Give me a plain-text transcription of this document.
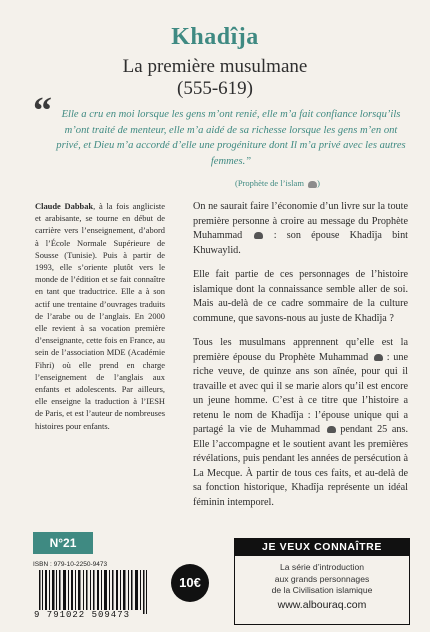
Khadîja
La première musulmane
(555-619)
“ Elle a cru en moi lorsque les gens m’ont renié, elle m’a fait confiance lorsqu’ils m’ont traité de menteur, elle m’a aidé de sa richesse lorsque les gens m’en ont privé, et Dieu m’a accordé d’elle une progéniture dont Il m’a privé avec les autres femmes.”
(Prophète de l’islam )
Claude Dabbak, à la fois angliciste et arabisante, se tourne en début de carrière vers l’enseignement, d’abord à l’École Normale Supérieure de Sousse (Tunisie). Puis à partir de 1993, elle s’oriente plutôt vers le monde de l’édition et se fait connaître en tant que traductrice. Elle a à son actif une trentaine d’ouvrages traduits de l’arabe ou de l’anglais. En 2000 elle revient à sa vocation première d’enseignante, cette fois en France, au sein de l’association MDE (Académie Fihri) où elle prend en charge l’enseignement de l’anglais aux enfants et adolescents. Par ailleurs, elle enseigne la traduction à l’IESH de Paris, et est l’auteur de nombreuses histoires pour enfants.

On ne saurait faire l’économie d’un livre sur la toute première personne à croire au message du Prophète Muhammad  : son épouse Khadîja bint Khuwaylid.

Elle fait partie de ces personnages de l’histoire islamique dont la connaissance semble aller de soi. Mais au-delà de ce cadre sommaire de la culture commune, que savons-nous au juste de Khadîja ?

Tous les musulmans apprennent qu’elle est la première épouse du Prophète Muhammad  : une riche veuve, de quinze ans son aînée, pour qui il travaille et avec qui il se marie alors qu’il est encore un jeune homme. C’est à ce titre que l’histoire a retenu le nom de Khadîja : l’épouse unique qui a partagé la vie de Muhammad  pendant 25 ans. Elle l’accompagne et le soutient avant les premières révélations, puis pendant les années de persécution à La Mecque. À partir de tous ces faits, et au-delà de sa fonction historique, Khadîja représente un idéal féminin intemporel.

N°21
ISBN : 979-10-2250-9473
9 791022 509473
10€
JE VEUX CONNAÎTRE
La série d’introduction
aux grands personnages
de la Civilisation islamique
www.albouraq.com
